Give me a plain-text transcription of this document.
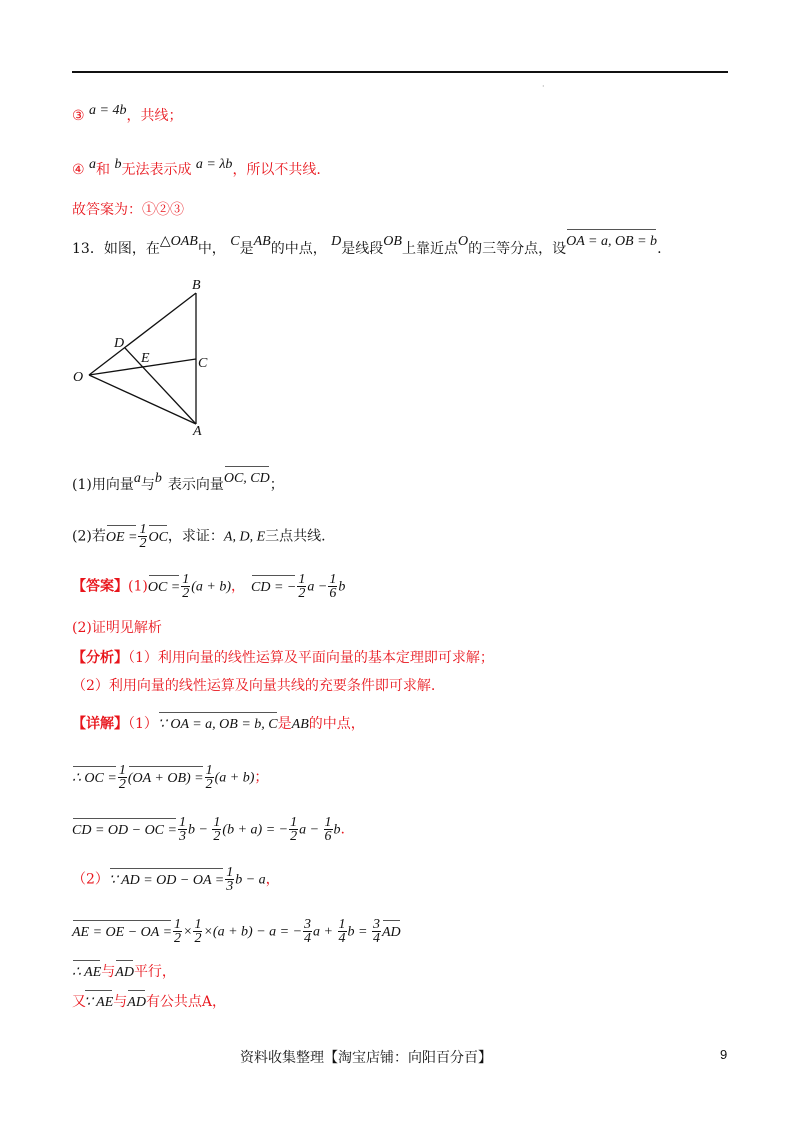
·
③ a = 4b，共线；
④ a和 b无法表示成 a = λb，所以不共线.
故答案为：①②③
13．如图，在△OAB中， C是AB的中点， D是线段OB上靠近点O的三等分点，设OA = a, OB = b.
B
D
E	C
O
A
(1)用向量a与b 表示向量OC, CD；
(2)若OE = $\frac{1}{2}$ OC，求证：A, D, E三点共线.
【答案】$(1)OC = \frac{1}{2} (a + b)$， CD = − $\frac{1}{2}$ $a - \frac{1}{6}$ b
(2)证明见解析
【分析】（1）利用向量的线性运算及平面向量的基本定理即可求解；
（2）利用向量的线性运算及向量共线的充要条件即可求解.
【详解】（1）∵ OA = a, OB = b, C是AB的中点，
∴ OC = $\frac{1}{2} (OA + OB) = \frac{1}{2} (a + b)$；
CD = OD − OC = $\frac{1}{3}$ $b - \frac{1}{2} (b + a)$ = − $\frac{1}{2}$ $a - \frac{1}{6} b$.
（2）∵ AD = OD − OA = $\frac{1}{3}$ b − a，
AE = OE − OA = $\frac{1}{2} \times \frac{1}{2} \times(a + b) - a$ = − $\frac{3}{4}$ $a + \frac{1}{4}$ $b = \frac{3}{4}$ AD
∴ AE与AD平行，
又∵ AE与AD有公共点A，
资料收集整理【淘宝店铺：向阳百分百】	9
